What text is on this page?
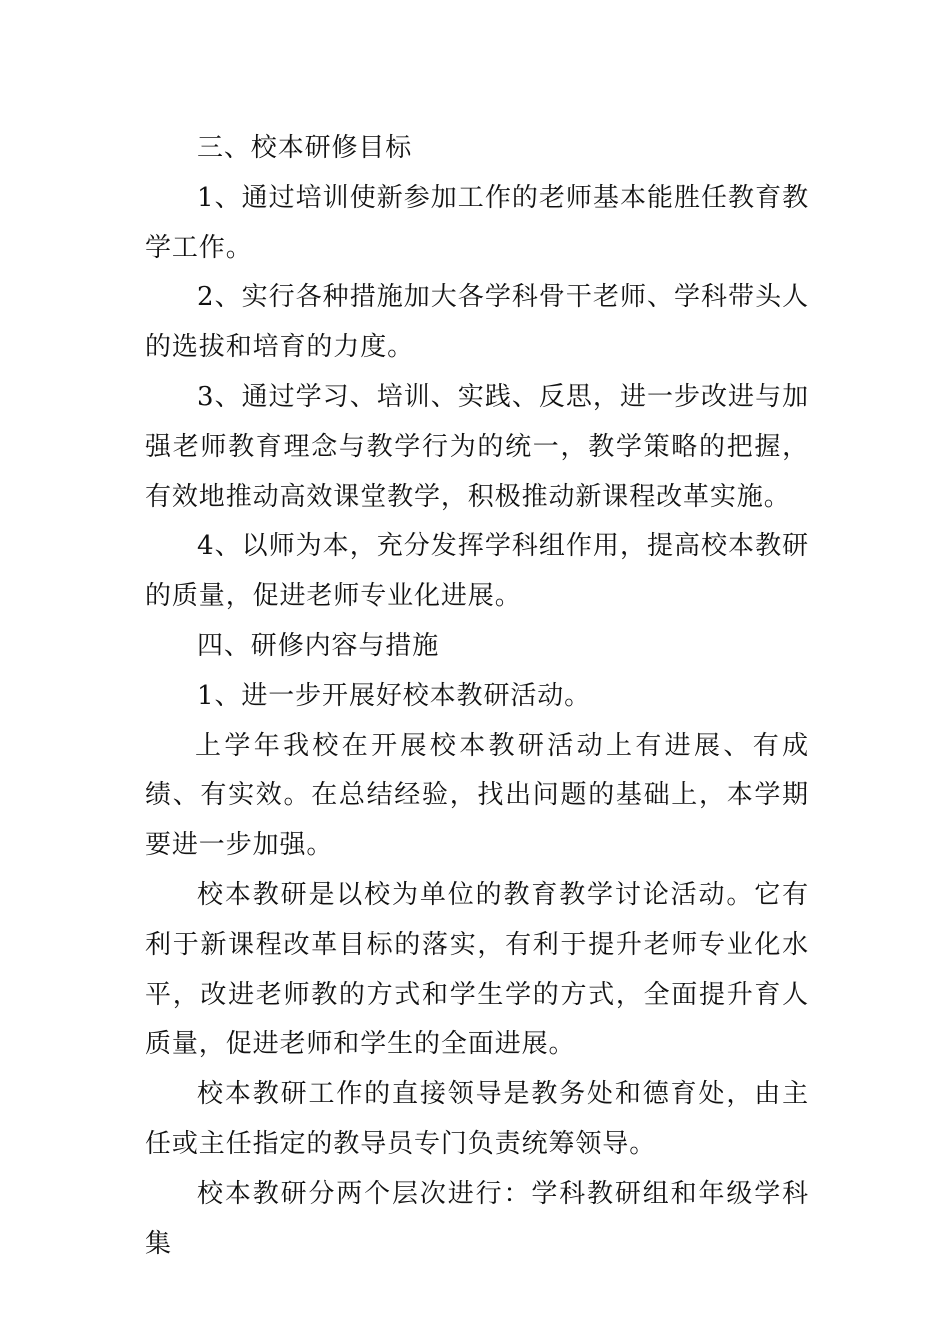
三、校本研修目标

1、通过培训使新参加工作的老师基本能胜任教育教学工作。

2、实行各种措施加大各学科骨干老师、学科带头人的选拔和培育的力度。

3、通过学习、培训、实践、反思，进一步改进与加强老师教育理念与教学行为的统一，教学策略的把握，有效地推动高效课堂教学，积极推动新课程改革实施。

4、以师为本，充分发挥学科组作用，提高校本教研的质量，促进老师专业化进展。

四、研修内容与措施

1、进一步开展好校本教研活动。

上学年我校在开展校本教研活动上有进展、有成绩、有实效。在总结经验，找出问题的基础上，本学期要进一步加强。

校本教研是以校为单位的教育教学讨论活动。它有利于新课程改革目标的落实，有利于提升老师专业化水平，改进老师教的方式和学生学的方式，全面提升育人质量，促进老师和学生的全面进展。

校本教研工作的直接领导是教务处和德育处，由主任或主任指定的教导员专门负责统筹领导。

校本教研分两个层次进行：学科教研组和年级学科集
